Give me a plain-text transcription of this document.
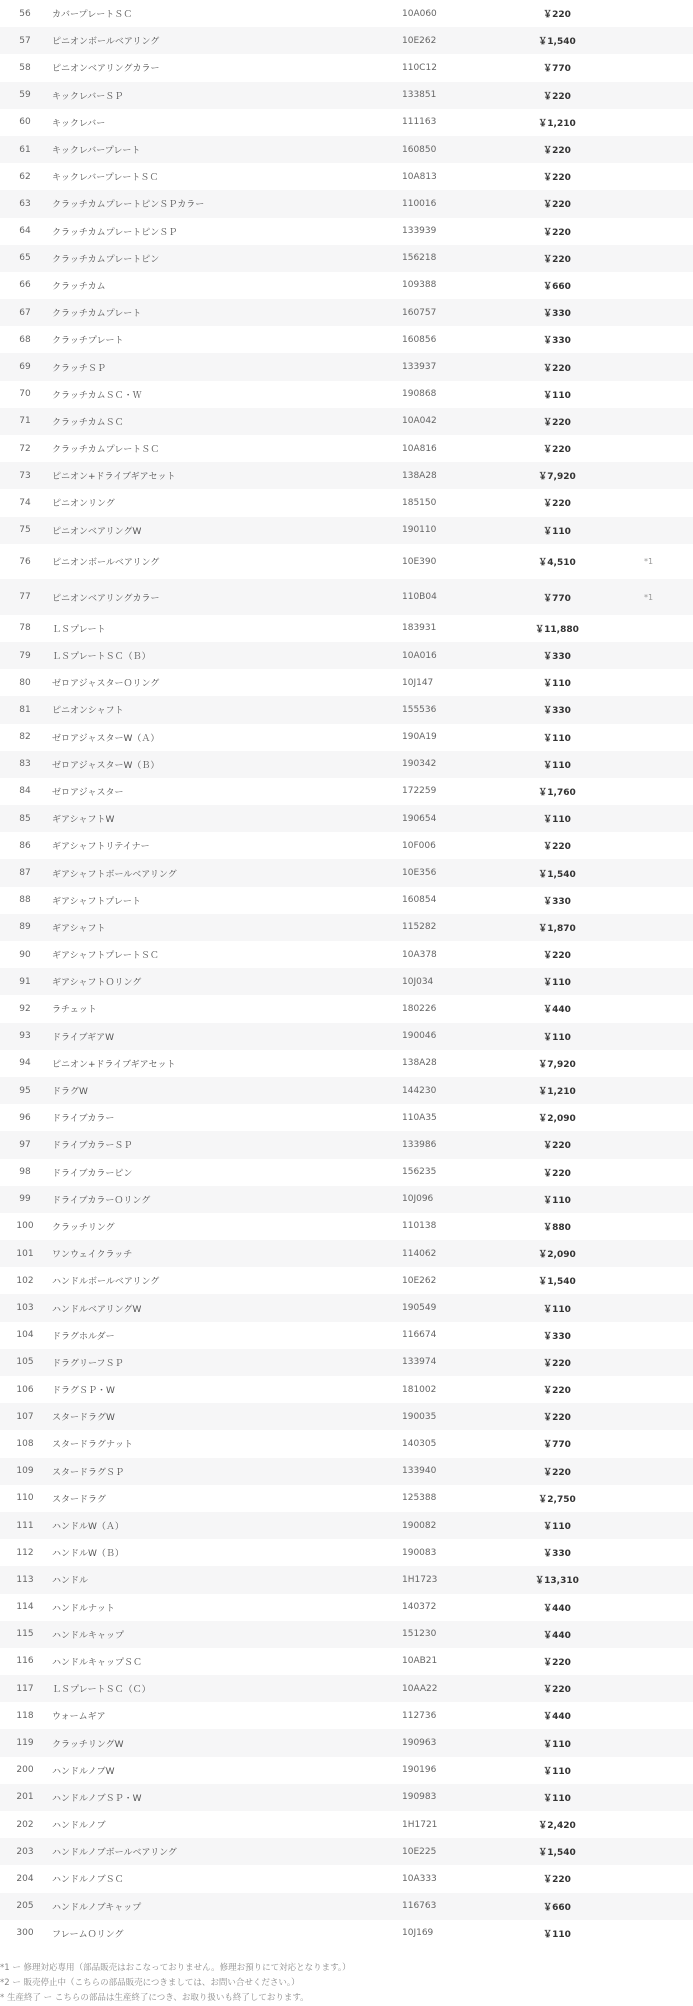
56	カバープレートＳＣ	10A060	￥220	
57	ピニオンボールベアリング	10E262	￥1,540	
58	ピニオンベアリングカラー	110C12	￥770	
59	キックレバーＳＰ	133851	￥220	
60	キックレバー	111163	￥1,210	
61	キックレバープレート	160850	￥220	
62	キックレバープレートＳＣ	10A813	￥220	
63	クラッチカムプレートピンＳＰカラー	110016	￥220	
64	クラッチカムプレートピンＳＰ	133939	￥220	
65	クラッチカムプレートピン	156218	￥220	
66	クラッチカム	109388	￥660	
67	クラッチカムプレート	160757	￥330	
68	クラッチプレート	160856	￥330	
69	クラッチＳＰ	133937	￥220	
70	クラッチカムＳＣ・Ｗ	190868	￥110	
71	クラッチカムＳＣ	10A042	￥220	
72	クラッチカムプレートＳＣ	10A816	￥220	
73	ピニオン+ドライブギアセット	138A28	￥7,920	
74	ピニオンリング	185150	￥220	
75	ピニオンベアリングW	190110	￥110	
76	ピニオンボールベアリング	10E390	￥4,510	*1
77	ピニオンベアリングカラー	110B04	￥770	*1
78	ＬＳプレート	183931	￥11,880	
79	ＬＳプレートＳＣ（Ｂ）	10A016	￥330	
80	ゼロアジャスターＯリング	10J147	￥110	
81	ピニオンシャフト	155536	￥330	
82	ゼロアジャスターW（Ａ）	190A19	￥110	
83	ゼロアジャスターW（Ｂ）	190342	￥110	
84	ゼロアジャスター	172259	￥1,760	
85	ギアシャフトW	190654	￥110	
86	ギアシャフトリテイナー	10F006	￥220	
87	ギアシャフトボールベアリング	10E356	￥1,540	
88	ギアシャフトプレート	160854	￥330	
89	ギアシャフト	115282	￥1,870	
90	ギアシャフトプレートＳＣ	10A378	￥220	
91	ギアシャフトＯリング	10J034	￥110	
92	ラチェット	180226	￥440	
93	ドライブギアW	190046	￥110	
94	ピニオン+ドライブギアセット	138A28	￥7,920	
95	ドラグW	144230	￥1,210	
96	ドライブカラー	110A35	￥2,090	
97	ドライブカラーＳＰ	133986	￥220	
98	ドライブカラーピン	156235	￥220	
99	ドライブカラーＯリング	10J096	￥110	
100	クラッチリング	110138	￥880	
101	ワンウェイクラッチ	114062	￥2,090	
102	ハンドルボールベアリング	10E262	￥1,540	
103	ハンドルベアリングW	190549	￥110	
104	ドラグホルダー	116674	￥330	
105	ドラグリーフＳＰ	133974	￥220	
106	ドラグＳＰ・W	181002	￥220	
107	スタードラグW	190035	￥220	
108	スタードラグナット	140305	￥770	
109	スタードラグＳＰ	133940	￥220	
110	スタードラグ	125388	￥2,750	
111	ハンドルW（Ａ）	190082	￥110	
112	ハンドルW（Ｂ）	190083	￥330	
113	ハンドル	1H1723	￥13,310	
114	ハンドルナット	140372	￥440	
115	ハンドルキャップ	151230	￥440	
116	ハンドルキャップＳＣ	10AB21	￥220	
117	ＬＳプレートＳＣ（Ｃ）	10AA22	￥220	
118	ウォームギア	112736	￥440	
119	クラッチリングW	190963	￥110	
200	ハンドルノブW	190196	￥110	
201	ハンドルノブＳＰ・W	190983	￥110	
202	ハンドルノブ	1H1721	￥2,420	
203	ハンドルノブボールベアリング	10E225	￥1,540	
204	ハンドルノブＳＣ	10A333	￥220	
205	ハンドルノブキャップ	116763	￥660	
300	フレームＯリング	10J169	￥110	
*1 ー 修理対応専用（部品販売はおこなっておりません。修理お預りにて対応となります。）
*2 ー 販売停止中（こちらの部品販売につきましては、お問い合せください。）
* 生産終了 ー こちらの部品は生産終了につき、お取り扱いも終了しております。
